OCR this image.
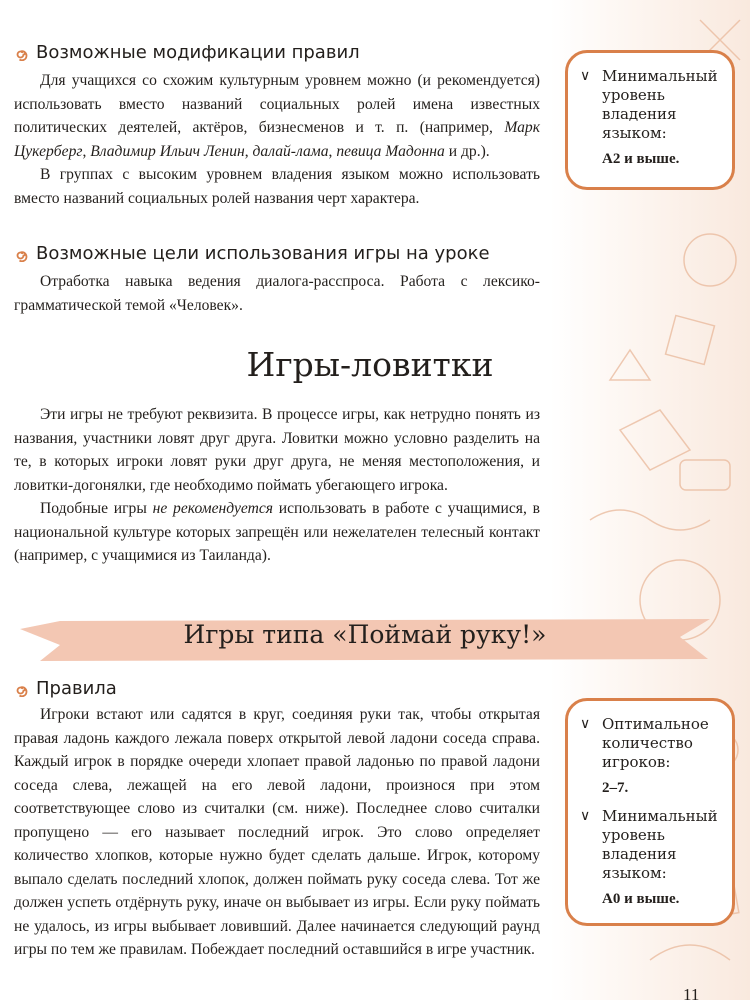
Возможные модификации правил

Для учащихся со схожим культурным уровнем можно (и рекомендуется) использовать вместо названий социальных ролей имена известных политических деятелей, актёров, бизнесменов и т. п. (например, Марк Цукерберг, Владимир Ильич Ленин, далай-лама, певица Мадонна и др.).

В группах с высоким уровнем владения языком можно использовать вместо названий социальных ролей названия черт характера.

Возможные цели использования игры на уроке

Отработка навыка ведения диалога-расспроса. Работа с лексико-грамматической темой «Человек».

Игры-ловитки

Эти игры не требуют реквизита. В процессе игры, как нетрудно понять из названия, участники ловят друг друга. Ловитки можно условно разделить на те, в которых игроки ловят руки друг друга, не меняя местоположения, и ловитки-догонялки, где необходимо поймать убегающего игрока.

Подобные игры не рекомендуется использовать в работе с учащимися, в национальной культуре которых запрещён или нежелателен телесный контакт (например, с учащимися из Таиланда).

Игры типа «Поймай руку!»
Правила

Игроки встают или садятся в круг, соединяя руки так, чтобы открытая правая ладонь каждого лежала поверх открытой левой ладони соседа справа. Каждый игрок в порядке очереди хлопает правой ладонью по правой ладони соседа слева, лежащей на его левой ладони, произнося при этом соответствующее слово из считалки (см. ниже). Последнее слово считалки пропущено — его называет последний игрок. Это слово определяет количество хлопков, которые нужно будет сделать дальше. Игрок, которому выпало сделать последний хлопок, должен поймать руку соседа слева. Тот же должен успеть отдёрнуть руку, иначе он выбывает из игры. Если руку поймать не удалось, из игры выбывает ловивший. Далее начинается следующий раунд игры по тем же правилам. Побеждает последний оставшийся в игре участник.

∨ Минимальный уровень владения языком:
A2 и выше.
∨ Оптимальное количество игроков:
2–7.
∨ Минимальный уровень владения языком:
A0 и выше.
11
